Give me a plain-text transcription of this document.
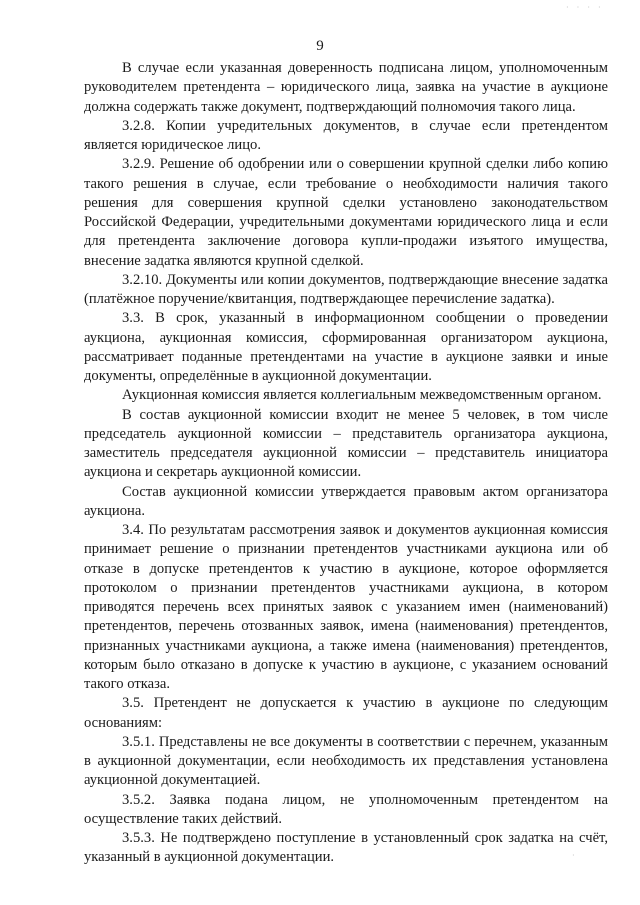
· · · ·
9

В случае если указанная доверенность подписана лицом, уполномоченным руководителем претендента – юридического лица, заявка на участие в аукционе должна содержать также документ, подтверждающий полномочия такого лица.

3.2.8. Копии учредительных документов, в случае если претендентом является юридическое лицо.

3.2.9. Решение об одобрении или о совершении крупной сделки либо копию такого решения в случае, если требование о необходимости наличия такого решения для совершения крупной сделки установлено законодательством Российской Федерации, учредительными документами юридического лица и если для претендента заключение договора купли-продажи изъятого имущества, внесение задатка являются крупной сделкой.

3.2.10. Документы или копии документов, подтверждающие внесение задатка (платёжное поручение/квитанция, подтверждающее перечисление задатка).

3.3. В срок, указанный в информационном сообщении о проведении аукциона, аукционная комиссия, сформированная организатором аукциона, рассматривает поданные претендентами на участие в аукционе заявки и иные документы, определённые в аукционной документации.

Аукционная комиссия является коллегиальным межведомственным органом.

В состав аукционной комиссии входит не менее 5 человек, в том числе председатель аукционной комиссии – представитель организатора аукциона, заместитель председателя аукционной комиссии – представитель инициатора аукциона и секретарь аукционной комиссии.

Состав аукционной комиссии утверждается правовым актом организатора аукциона.

3.4. По результатам рассмотрения заявок и документов аукционная комиссия принимает решение о признании претендентов участниками аукциона или об отказе в допуске претендентов к участию в аукционе, которое оформляется протоколом о признании претендентов участниками аукциона, в котором приводятся перечень всех принятых заявок с указанием имен (наименований) претендентов, перечень отозванных заявок, имена (наименования) претендентов, признанных участниками аукциона, а также имена (наименования) претендентов, которым было отказано в допуске к участию в аукционе, с указанием оснований такого отказа.

3.5. Претендент не допускается к участию в аукционе по следующим основаниям:

3.5.1. Представлены не все документы в соответствии с перечнем, указанным в аукционной документации, если необходимость их представления установлена аукционной документацией.

3.5.2. Заявка подана лицом, не уполномоченным претендентом на осуществление таких действий.

3.5.3. Не подтверждено поступление в установленный срок задатка на счёт, указанный в аукционной документации.	·
